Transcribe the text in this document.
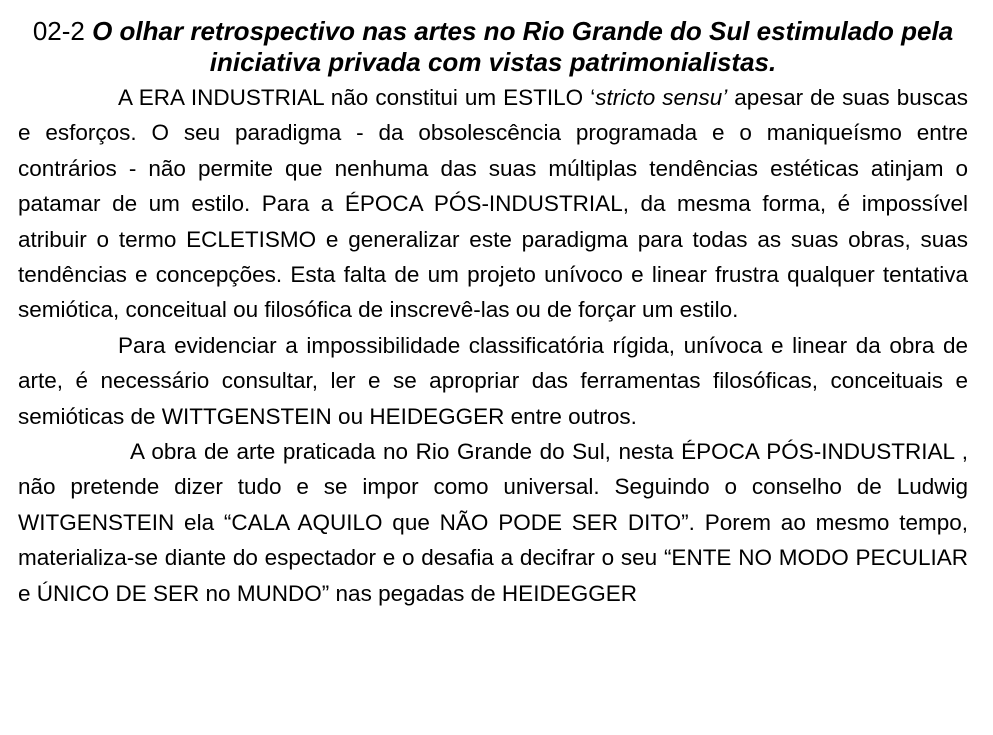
02-2 O olhar retrospectivo nas artes no Rio Grande do Sul estimulado pela iniciativa privada com vistas patrimonialistas.

A ERA INDUSTRIAL não constitui um ESTILO ‘stricto sensu’ apesar de suas buscas e esforços. O seu paradigma - da obsolescência programada e o maniqueísmo entre contrários - não permite que nenhuma das suas múltiplas tendências estéticas atinjam o patamar de um estilo. Para a ÉPOCA PÓS-INDUSTRIAL, da mesma forma, é impossível atribuir o termo ECLETISMO e generalizar este paradigma para todas as suas obras, suas tendências e concepções. Esta falta de um projeto unívoco e linear frustra qualquer tentativa semiótica, conceitual ou filosófica de inscrevê-las ou de forçar um estilo.

Para evidenciar a impossibilidade classificatória rígida, unívoca e linear da obra de arte, é necessário consultar, ler e se apropriar das ferramentas filosóficas, conceituais e semióticas de WITTGENSTEIN ou HEIDEGGER entre outros.

A obra de arte praticada no Rio Grande do Sul, nesta ÉPOCA PÓS-INDUSTRIAL , não pretende dizer tudo e se impor como universal. Seguindo o conselho de Ludwig WITGENSTEIN ela “CALA AQUILO que NÃO PODE SER DITO”. Porem ao mesmo tempo, materializa-se diante do espectador e o desafia a decifrar o seu “ENTE NO MODO PECULIAR e ÚNICO DE SER no MUNDO” nas pegadas de HEIDEGGER
